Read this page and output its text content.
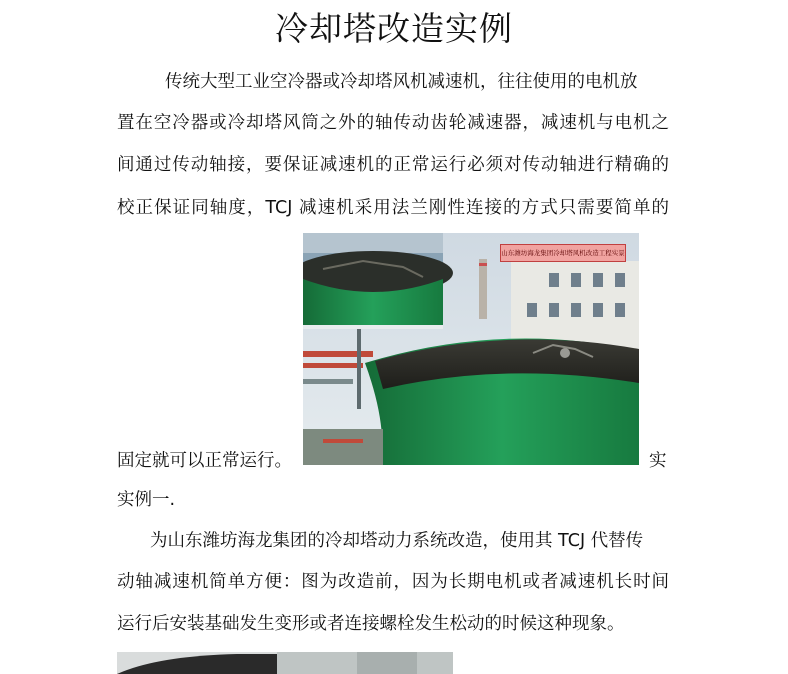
冷却塔改造实例
传统大型工业空冷器或冷却塔风机减速机，往往使用的电机放
置在空冷器或冷却塔风筒之外的轴传动齿轮减速器，减速机与电机之
间通过传动轴接，要保证减速机的正常运行必须对传动轴进行精确的
校正保证同轴度，TCJ 减速机采用法兰刚性连接的方式只需要简单的
山东潍坊海龙集团冷却塔风机改造工程实景
固定就可以正常运行。	实
实例一.
为山东潍坊海龙集团的冷却塔动力系统改造，使用其 TCJ 代替传
动轴减速机简单方便：图为改造前，因为长期电机或者减速机长时间
运行后安装基础发生变形或者连接螺栓发生松动的时候这种现象。
